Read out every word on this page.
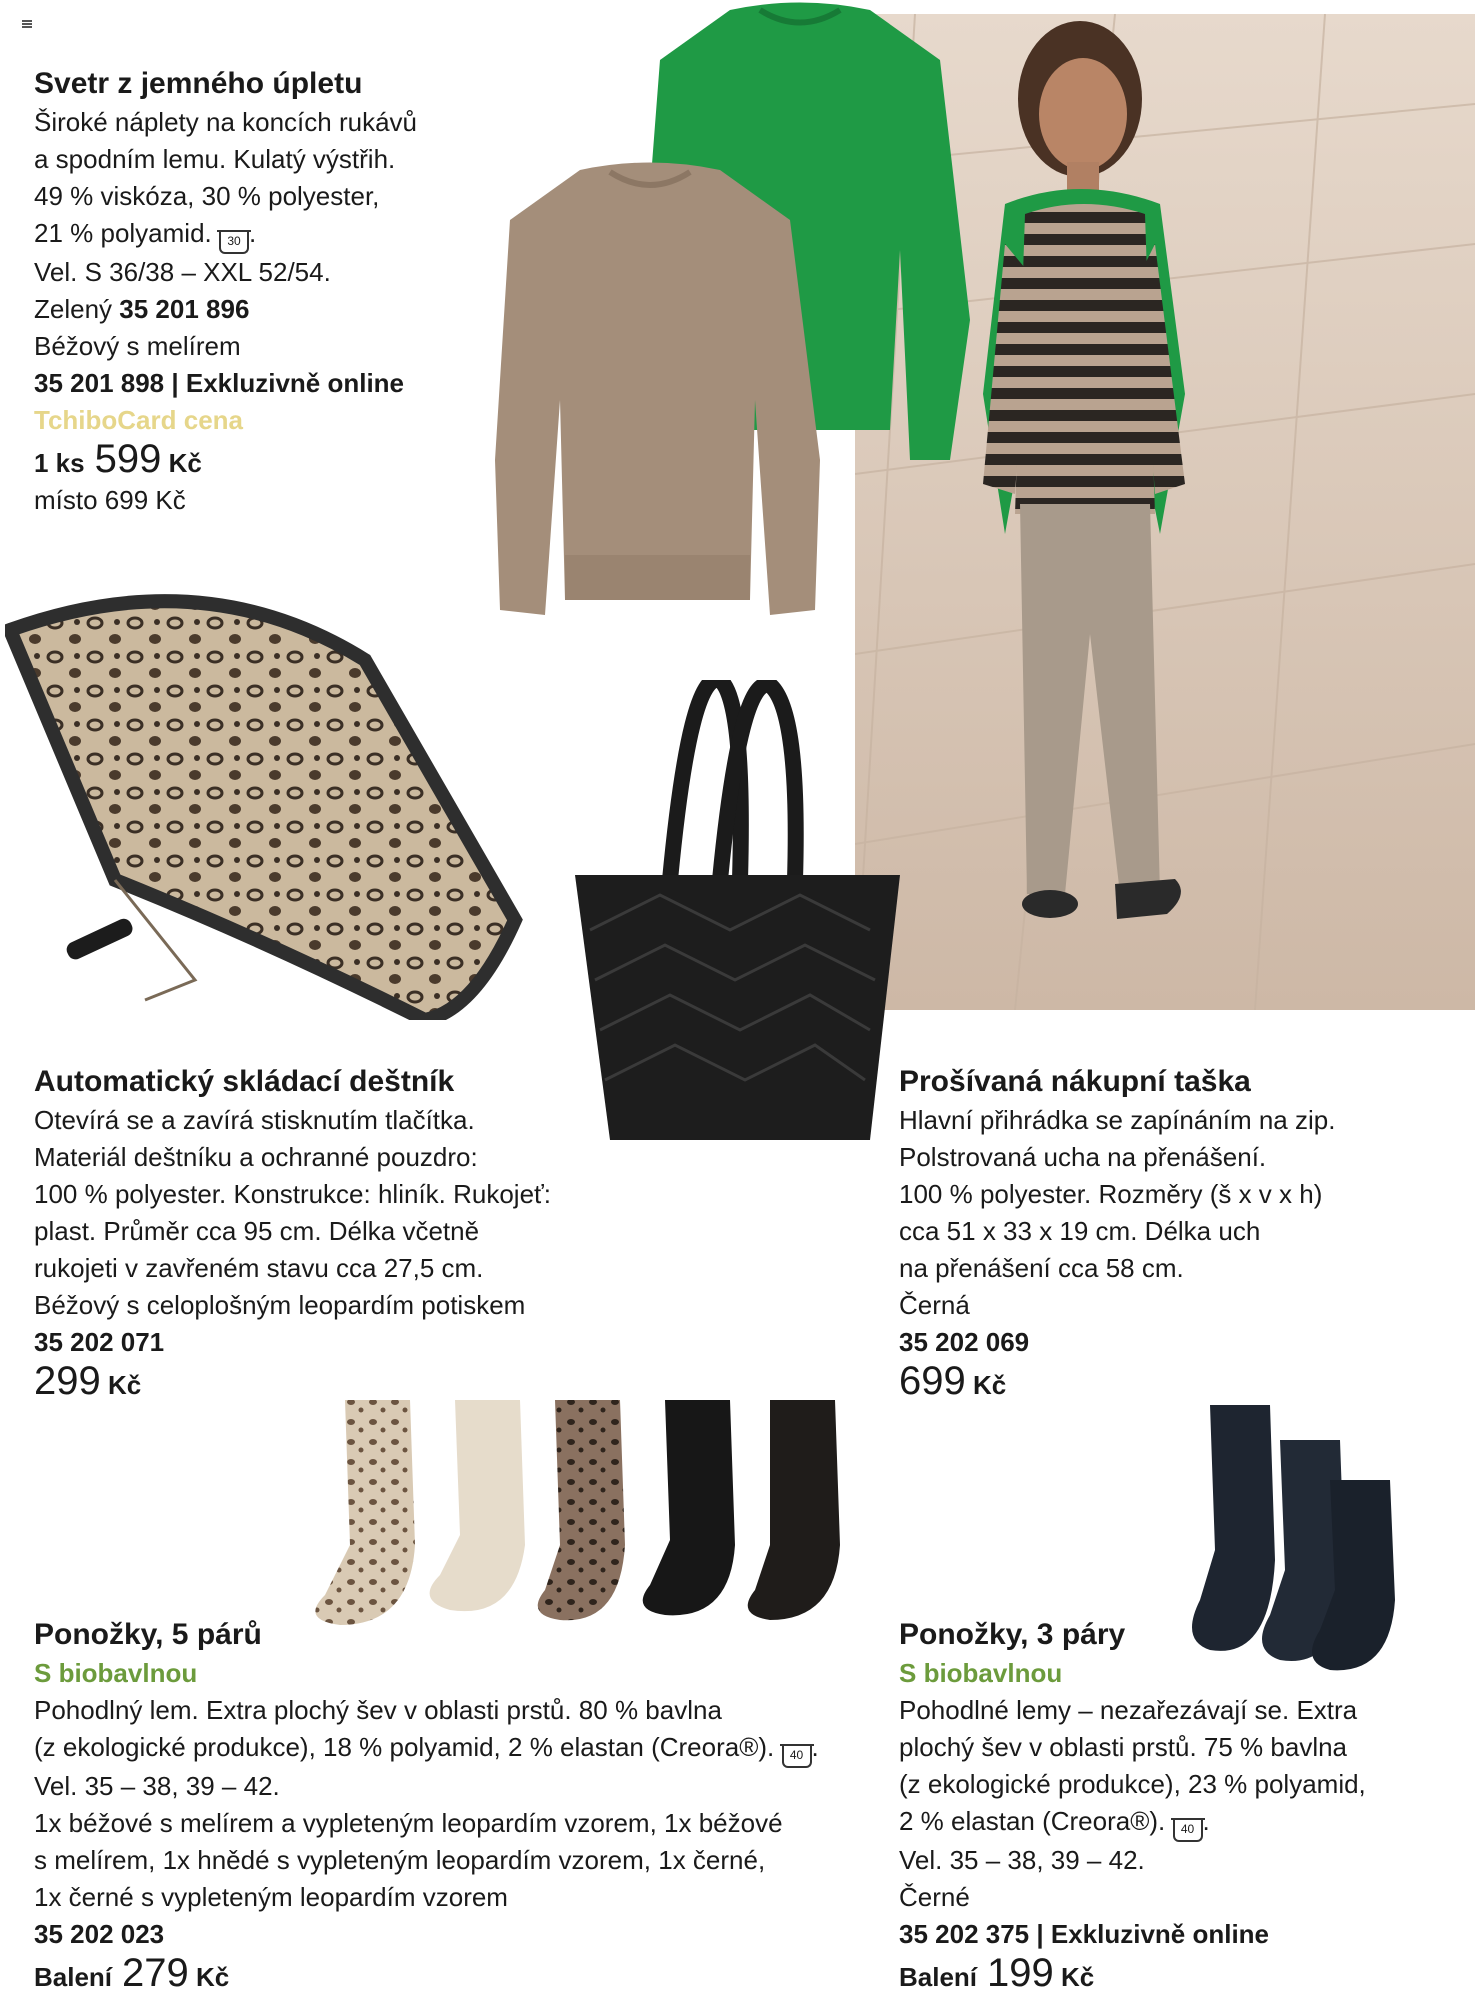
Svetr z jemného úpletu
Široké náplety na koncích rukávů
a spodním lemu. Kulatý výstřih.
49 % viskóza, 30 % polyester,
21 % polyamid. 30 .
Vel. S 36/38 – XXL 52/54.
Zelený 35 201 896
Béžový s melírem
35 201 898 | Exkluzivně online
TchiboCard cena
1 ks 599 Kč
místo 699 Kč
Automatický skládací deštník
Otevírá se a zavírá stisknutím tlačítka.
Materiál deštníku a ochranné pouzdro:
100 % polyester. Konstrukce: hliník. Rukojeť:
plast. Průměr cca 95 cm. Délka včetně
rukojeti v zavřeném stavu cca 27,5 cm.
Béžový s celoplošným leopardím potiskem
35 202 071
299 Kč
Prošívaná nákupní taška
Hlavní přihrádka se zapínáním na zip.
Polstrovaná ucha na přenášení.
100 % polyester. Rozměry (š x v x h)
cca 51 x 33 x 19 cm. Délka uch
na přenášení cca 58 cm.
Černá
35 202 069
699 Kč
Ponožky, 5 párů
S biobavlnou
Pohodlný lem. Extra plochý šev v oblasti prstů. 80 % bavlna
(z ekologické produkce), 18 % polyamid, 2 % elastan (Creora®). 40 .
Vel. 35 – 38, 39 – 42.
1x béžové s melírem a vypleteným leopardím vzorem, 1x béžové
s melírem, 1x hnědé s vypleteným leopardím vzorem, 1x černé,
1x černé s vypleteným leopardím vzorem
35 202 023
Balení 279 Kč
Ponožky, 3 páry
S biobavlnou
Pohodlné lemy – nezařezávají se. Extra
plochý šev v oblasti prstů. 75 % bavlna
(z ekologické produkce), 23 % polyamid,
2 % elastan (Creora®). 40 .
Vel. 35 – 38, 39 – 42.
Černé
35 202 375 | Exkluzivně online
Balení 199 Kč
